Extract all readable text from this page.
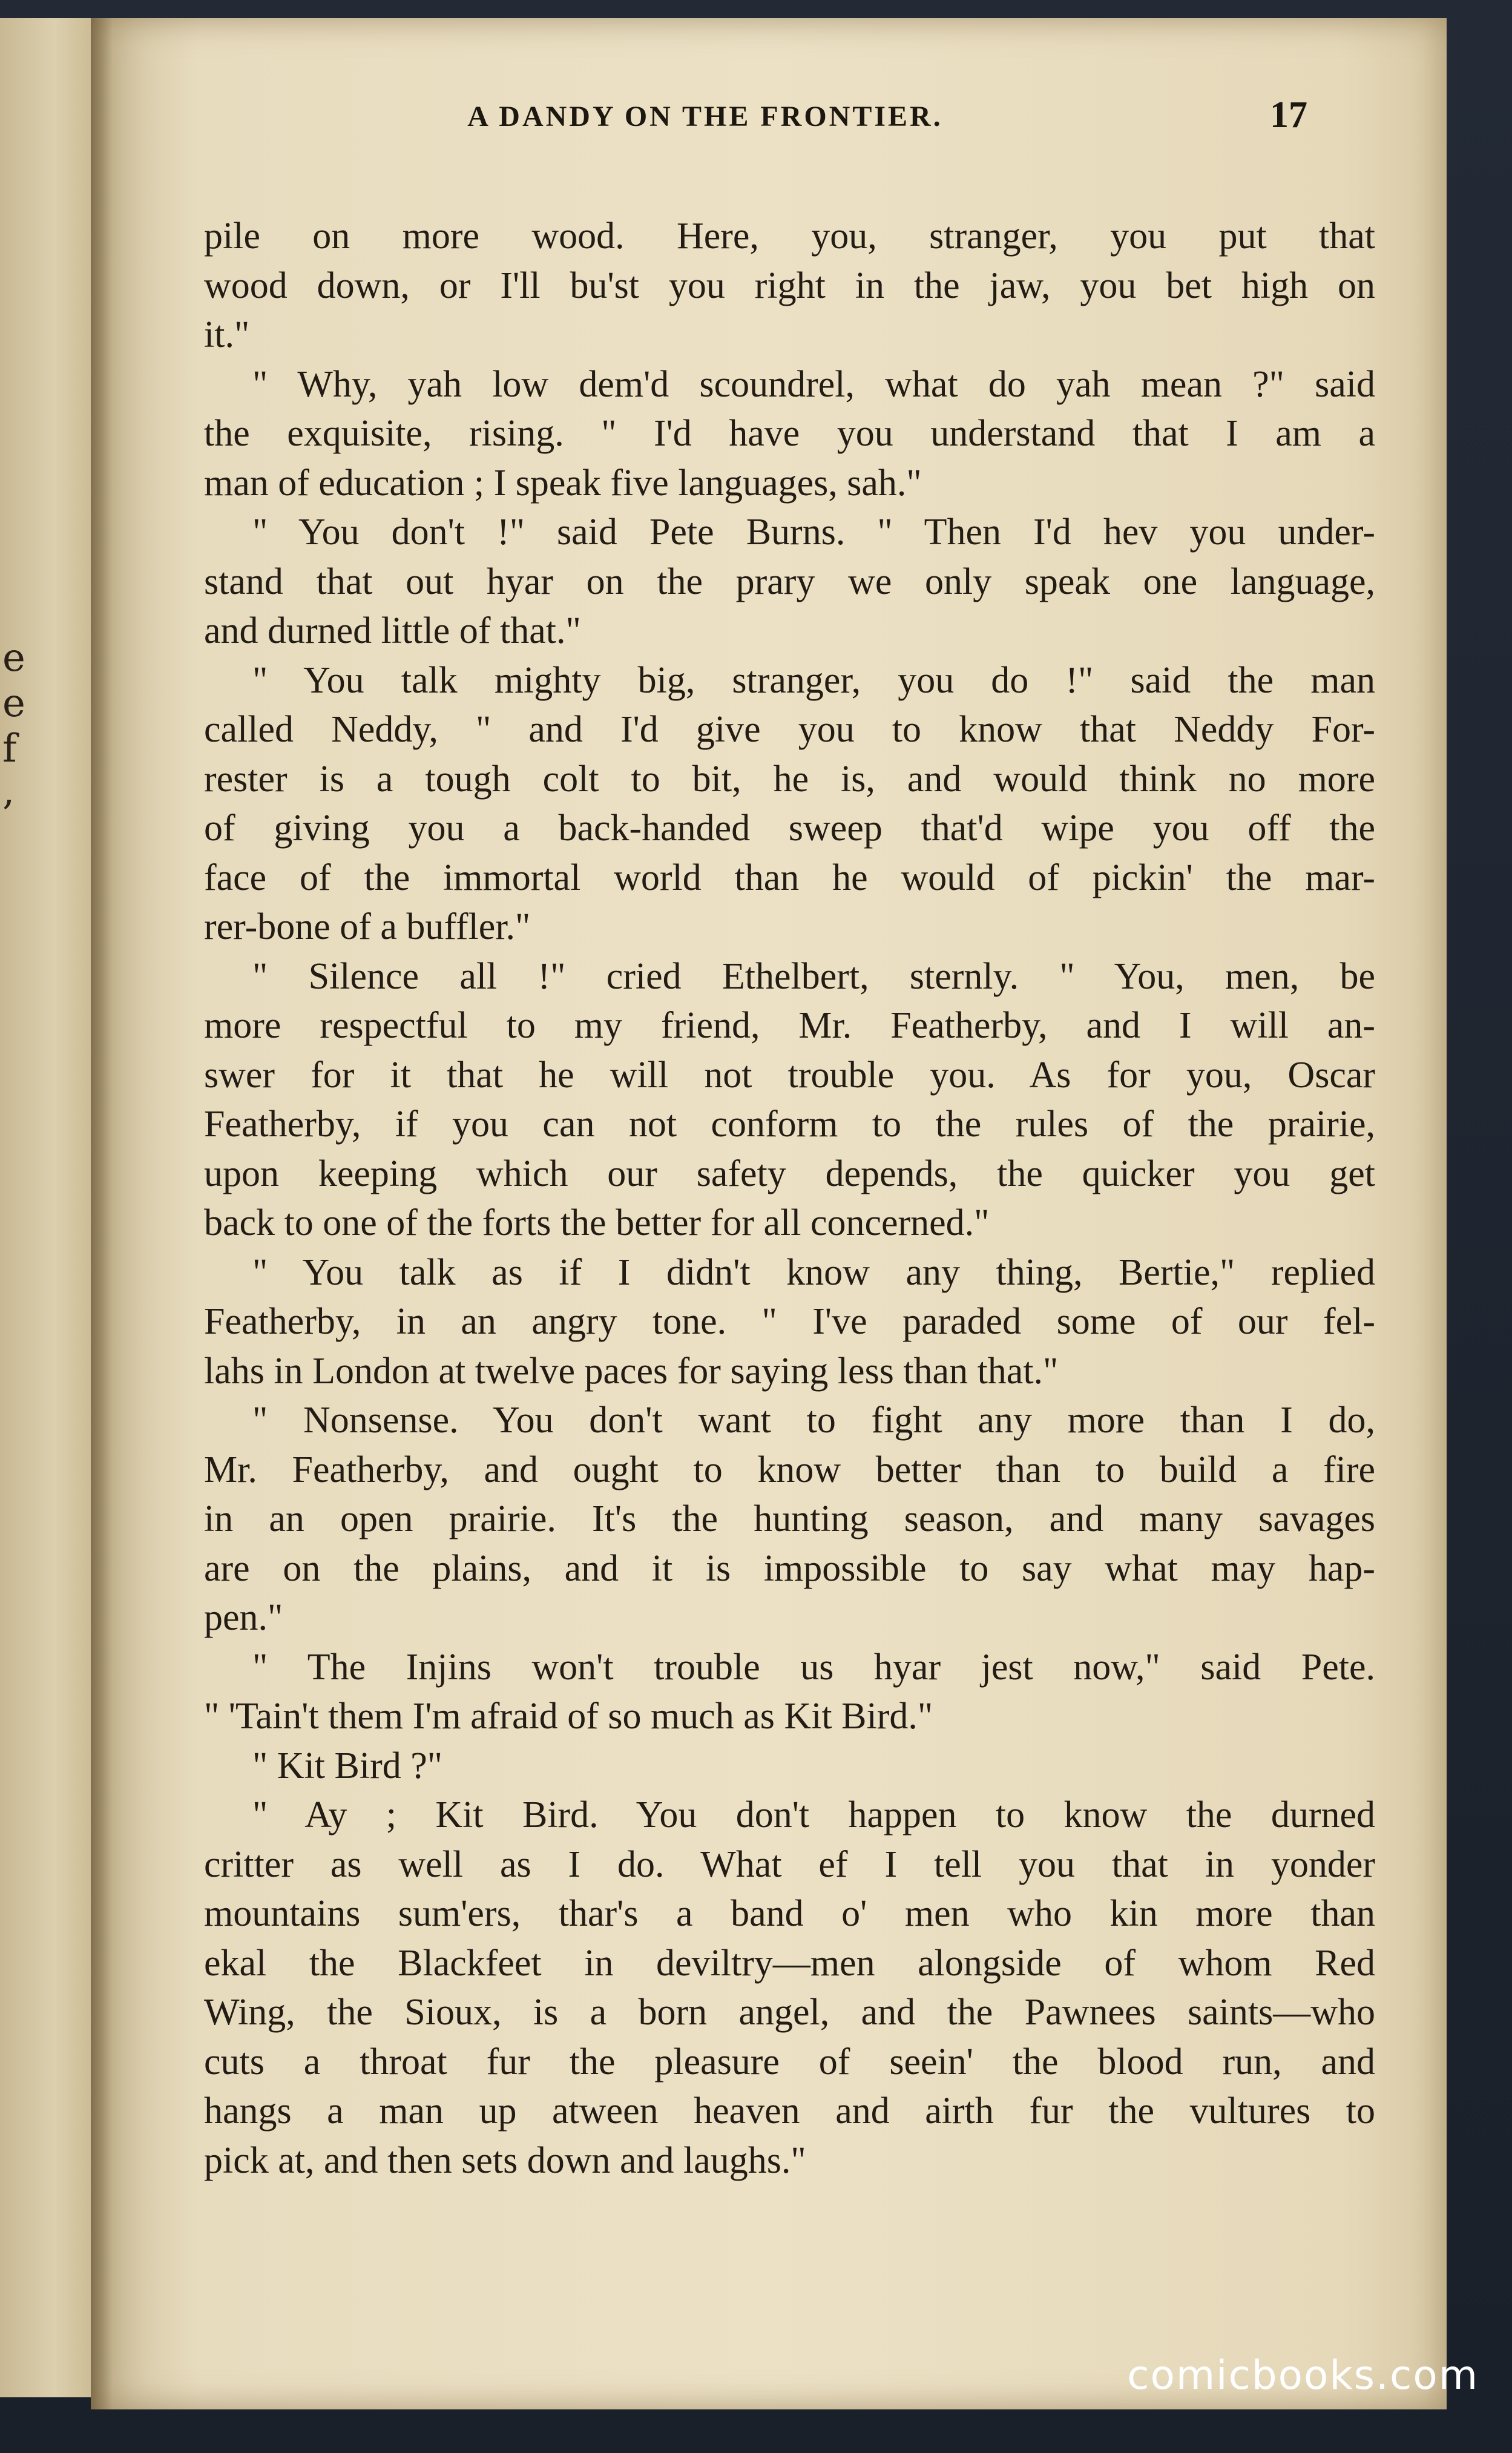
e
e
f
,
A DANDY ON THE FRONTIER.	17
pile on more wood. Here, you, stranger, you put that
wood down, or I'll bu'st you right in the jaw, you bet high on
it."
" Why, yah low dem'd scoundrel, what do yah mean ?" said
the exquisite, rising. " I'd have you understand that I am a
man of education ; I speak five languages, sah."
" You don't !" said Pete Burns. " Then I'd hev you under-
stand that out hyar on the prary we only speak one language,
and durned little of that."
" You talk mighty big, stranger, you do !" said the man
called Neddy, " and I'd give you to know that Neddy For-
rester is a tough colt to bit, he is, and would think no more
of giving you a back-handed sweep that'd wipe you off the
face of the immortal world than he would of pickin' the mar-
rer-bone of a buffler."
" Silence all !" cried Ethelbert, sternly. " You, men, be
more respectful to my friend, Mr. Featherby, and I will an-
swer for it that he will not trouble you. As for you, Oscar
Featherby, if you can not conform to the rules of the prairie,
upon keeping which our safety depends, the quicker you get
back to one of the forts the better for all concerned."
" You talk as if I didn't know any thing, Bertie," replied
Featherby, in an angry tone. " I've paraded some of our fel-
lahs in London at twelve paces for saying less than that."
" Nonsense. You don't want to fight any more than I do,
Mr. Featherby, and ought to know better than to build a fire
in an open prairie. It's the hunting season, and many savages
are on the plains, and it is impossible to say what may hap-
pen."
" The Injins won't trouble us hyar jest now," said Pete.
" 'Tain't them I'm afraid of so much as Kit Bird."
" Kit Bird ?"
" Ay ; Kit Bird. You don't happen to know the durned
critter as well as I do. What ef I tell you that in yonder
mountains sum'ers, thar's a band o' men who kin more than
ekal the Blackfeet in deviltry—men alongside of whom Red
Wing, the Sioux, is a born angel, and the Pawnees saints—who
cuts a throat fur the pleasure of seein' the blood run, and
hangs a man up atween heaven and airth fur the vultures to
pick at, and then sets down and laughs."
comicbooks.com
